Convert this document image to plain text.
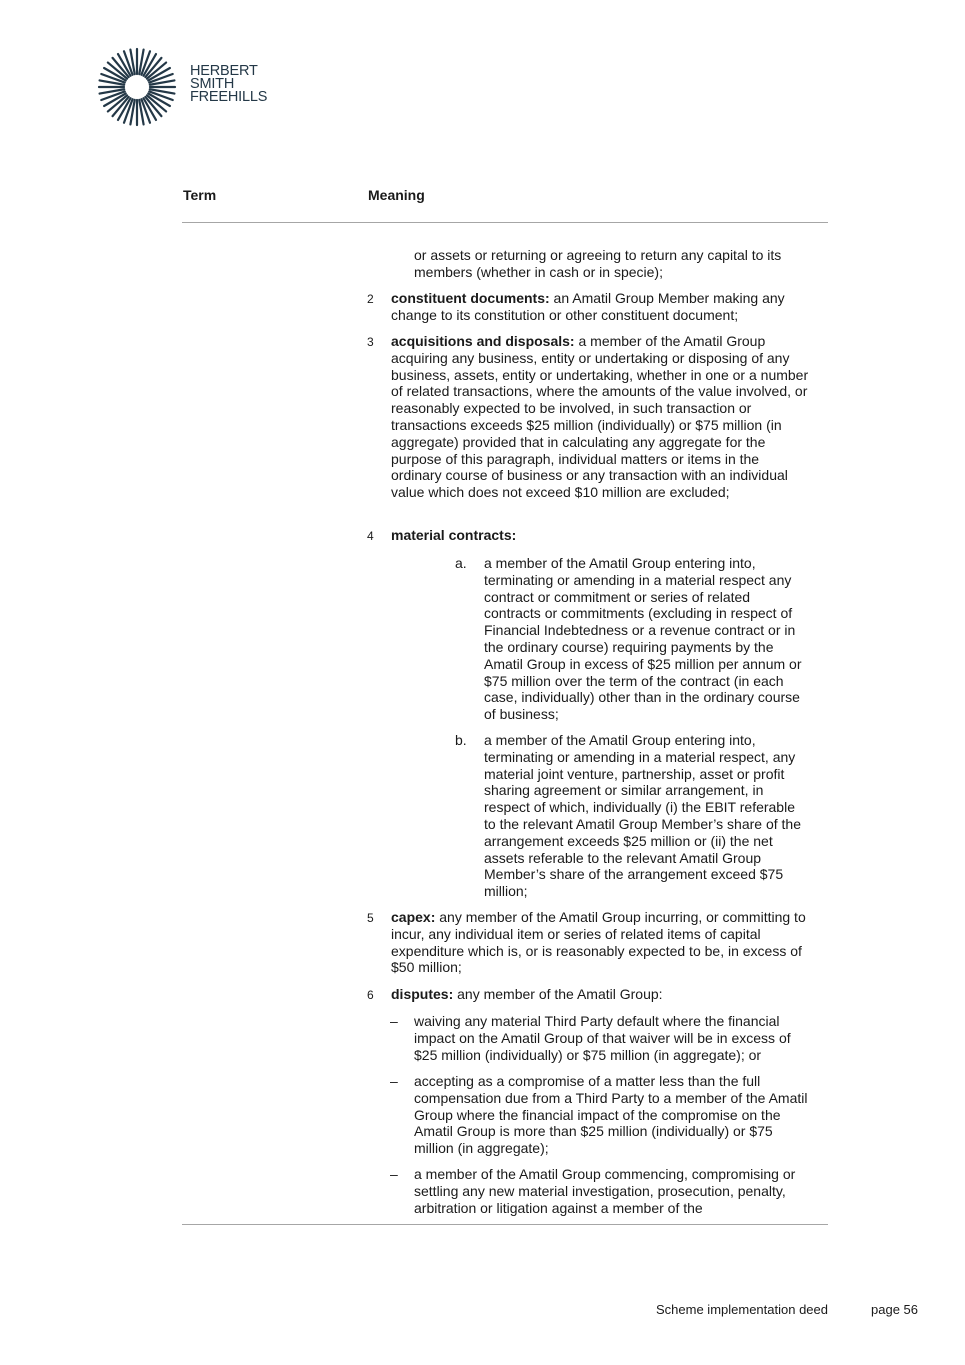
HERBERT
SMITH
FREEHILLS
Term	Meaning

or assets or returning or agreeing to return any capital to its members (whether in cash or in specie);

2 constituent documents: an Amatil Group Member making any change to its constitution or other constituent document;

3 acquisitions and disposals: a member of the Amatil Group acquiring any business, entity or undertaking or disposing of any business, assets, entity or undertaking, whether in one or a number of related transactions, where the amounts of the value involved, or reasonably expected to be involved, in such transaction or transactions exceeds $25 million (individually) or $75 million (in aggregate) provided that in calculating any aggregate for the purpose of this paragraph, individual matters or items in the ordinary course of business or any transaction with an individual value which does not exceed $10 million are excluded;

4 material contracts:

a. a member of the Amatil Group entering into, terminating or amending in a material respect any contract or commitment or series of related contracts or commitments (excluding in respect of Financial Indebtedness or a revenue contract or in the ordinary course) requiring payments by the Amatil Group in excess of $25 million per annum or $75 million over the term of the contract (in each case, individually) other than in the ordinary course of business;

b. a member of the Amatil Group entering into, terminating or amending in a material respect, any material joint venture, partnership, asset or profit sharing agreement or similar arrangement, in respect of which, individually (i) the EBIT referable to the relevant Amatil Group Member’s share of the arrangement exceeds $25 million or (ii) the net assets referable to the relevant Amatil Group Member’s share of the arrangement exceed $75 million;

5 capex: any member of the Amatil Group incurring, or committing to incur, any individual item or series of related items of capital expenditure which is, or is reasonably expected to be, in excess of $50 million;

6 disputes: any member of the Amatil Group:

– waiving any material Third Party default where the financial impact on the Amatil Group of that waiver will be in excess of $25 million (individually) or $75 million (in aggregate); or

– accepting as a compromise of a matter less than the full compensation due from a Third Party to a member of the Amatil Group where the financial impact of the compromise on the Amatil Group is more than $25 million (individually) or $75 million (in aggregate);

– a member of the Amatil Group commencing, compromising or settling any new material investigation, prosecution, penalty, arbitration or litigation against a member of the

Scheme implementation deed	page 56
